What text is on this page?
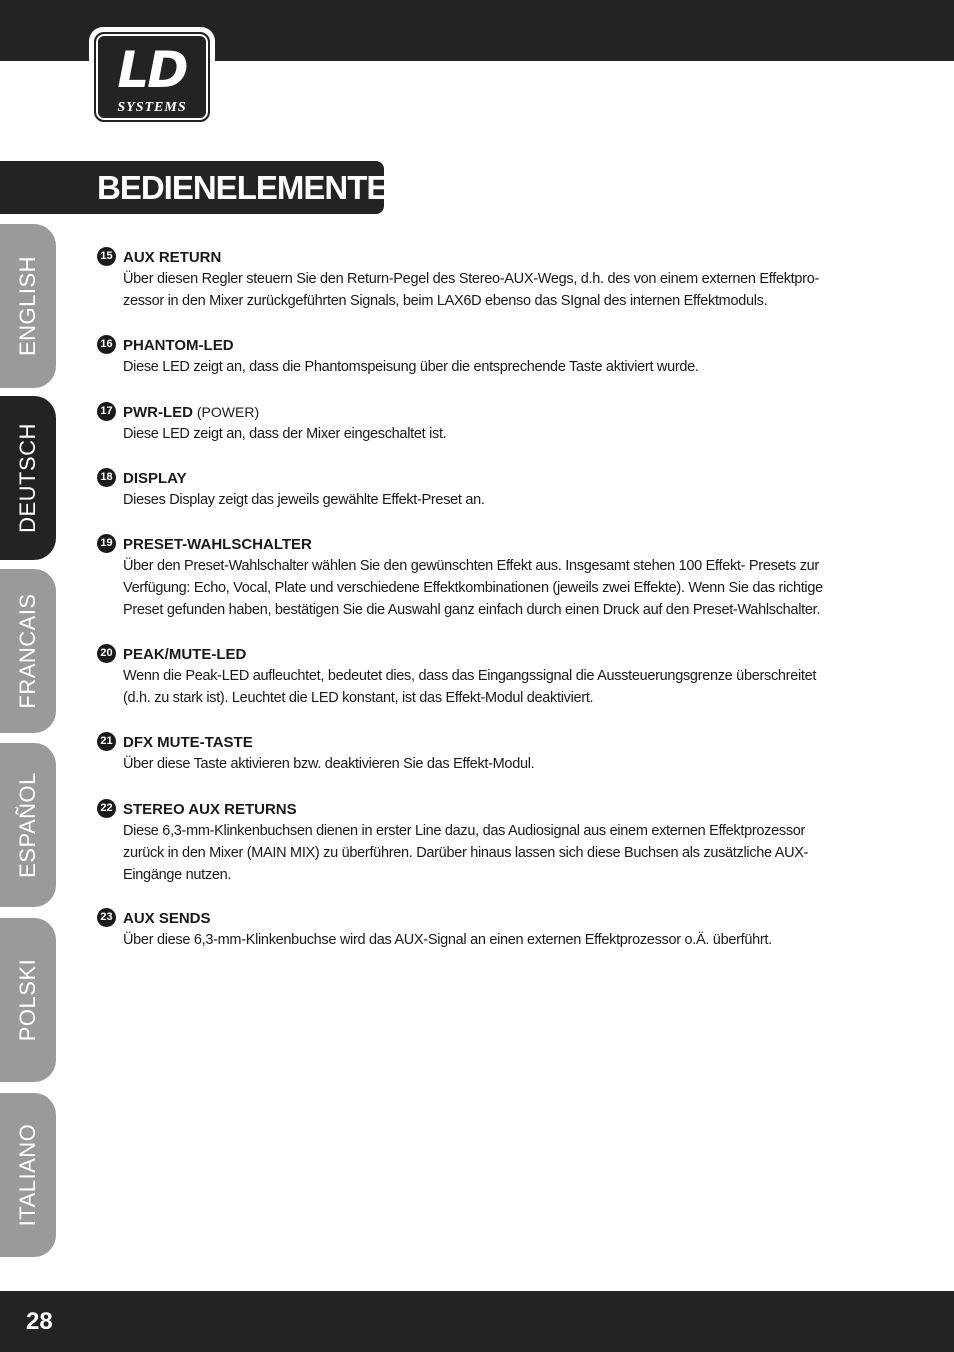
LD
SYSTEMS
BEDIENELEMENTE:
ENGLISH
DEUTSCH
FRANCAIS
ESPAÑOL
POLSKI
ITALIANO
15 AUX RETURN
Über diesen Regler steuern Sie den Return-Pegel des Stereo-AUX-Wegs, d.h. des von einem externen Effektpro-
zessor in den Mixer zurückgeführten Signals, beim LAX6D ebenso das SIgnal des internen Effektmoduls.
16 PHANTOM-LED
Diese LED zeigt an, dass die Phantomspeisung über die entsprechende Taste aktiviert wurde.
17 PWR-LED (POWER)
Diese LED zeigt an, dass der Mixer eingeschaltet ist.
18 DISPLAY
Dieses Display zeigt das jeweils gewählte Effekt-Preset an.
19 PRESET-WAHLSCHALTER
Über den Preset-Wahlschalter wählen Sie den gewünschten Effekt aus. Insgesamt stehen 100 Effekt- Presets zur
Verfügung: Echo, Vocal, Plate und verschiedene Effektkombinationen (jeweils zwei Effekte). Wenn Sie das richtige
Preset gefunden haben, bestätigen Sie die Auswahl ganz einfach durch einen Druck auf den Preset-Wahlschalter.
20 PEAK/MUTE-LED
Wenn die Peak-LED aufleuchtet, bedeutet dies, dass das Eingangssignal die Aussteuerungsgrenze überschreitet
(d.h. zu stark ist). Leuchtet die LED konstant, ist das Effekt-Modul deaktiviert.
21 DFX MUTE-TASTE
Über diese Taste aktivieren bzw. deaktivieren Sie das Effekt-Modul.
22 STEREO AUX RETURNS
Diese 6,3-mm-Klinkenbuchsen dienen in erster Line dazu, das Audiosignal aus einem externen Effektprozessor
zurück in den Mixer (MAIN MIX) zu überführen. Darüber hinaus lassen sich diese Buchsen als zusätzliche AUX-
Eingänge nutzen.
23 AUX SENDS
Über diese 6,3-mm-Klinkenbuchse wird das AUX-Signal an einen externen Effektprozessor o.Ä. überführt.
28
